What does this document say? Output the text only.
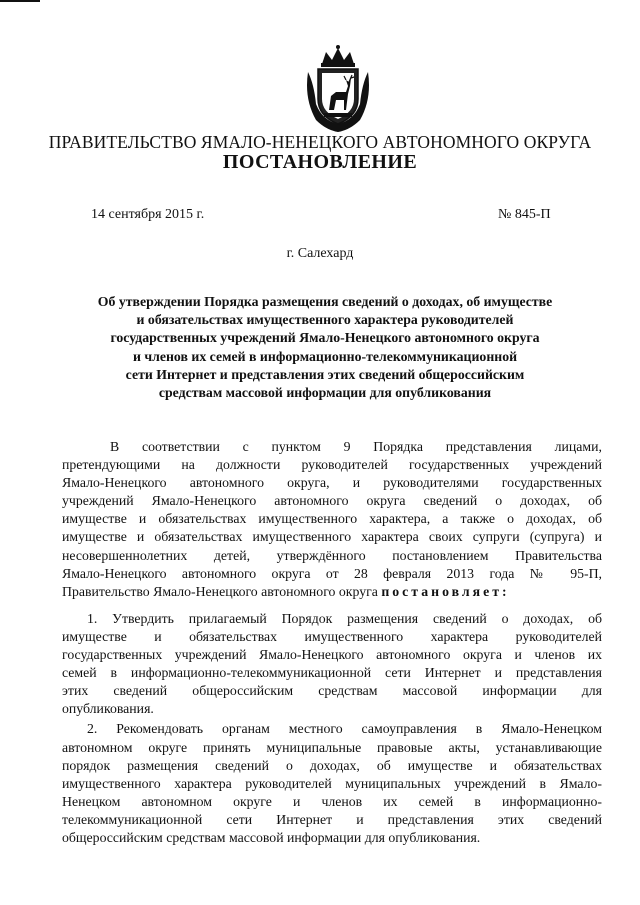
ПРАВИТЕЛЬСТВО ЯМАЛО-НЕНЕЦКОГО АВТОНОМНОГО ОКРУГА
ПОСТАНОВЛЕНИЕ
14 сентября 2015 г.	№ 845-П
г. Салехард
Об утверждении Порядка размещения сведений о доходах, об имуществе
и обязательствах имущественного характера руководителей
государственных учреждений Ямало-Ненецкого автономного округа
и членов их семей в информационно-телекоммуникационной
сети Интернет и представления этих сведений общероссийским
средствам массовой информации для опубликования
В соответствии с пунктом 9 Порядка представления лицами,
претендующими на должности руководителей государственных учреждений
Ямало-Ненецкого автономного округа, и руководителями государственных
учреждений Ямало-Ненецкого автономного округа сведений о доходах, об
имуществе и обязательствах имущественного характера, а также о доходах, об
имуществе и обязательствах имущественного характера своих супруги (супруга) и
несовершеннолетних детей, утверждённого постановлением Правительства
Ямало-Ненецкого автономного округа от 28 февраля 2013 года № 95-П,
Правительство Ямало-Ненецкого автономного округа постановляет:
1. Утвердить прилагаемый Порядок размещения сведений о доходах, об
имуществе и обязательствах имущественного характера руководителей
государственных учреждений Ямало-Ненецкого автономного округа и членов их
семей в информационно-телекоммуникационной сети Интернет и представления
этих сведений общероссийским средствам массовой информации для
опубликования.
2. Рекомендовать органам местного самоуправления в Ямало-Ненецком
автономном округе принять муниципальные правовые акты, устанавливающие
порядок размещения сведений о доходах, об имуществе и обязательствах
имущественного характера руководителей муниципальных учреждений в Ямало-
Ненецком автономном округе и членов их семей в информационно-
телекоммуникационной сети Интернет и представления этих сведений
общероссийским средствам массовой информации для опубликования.
